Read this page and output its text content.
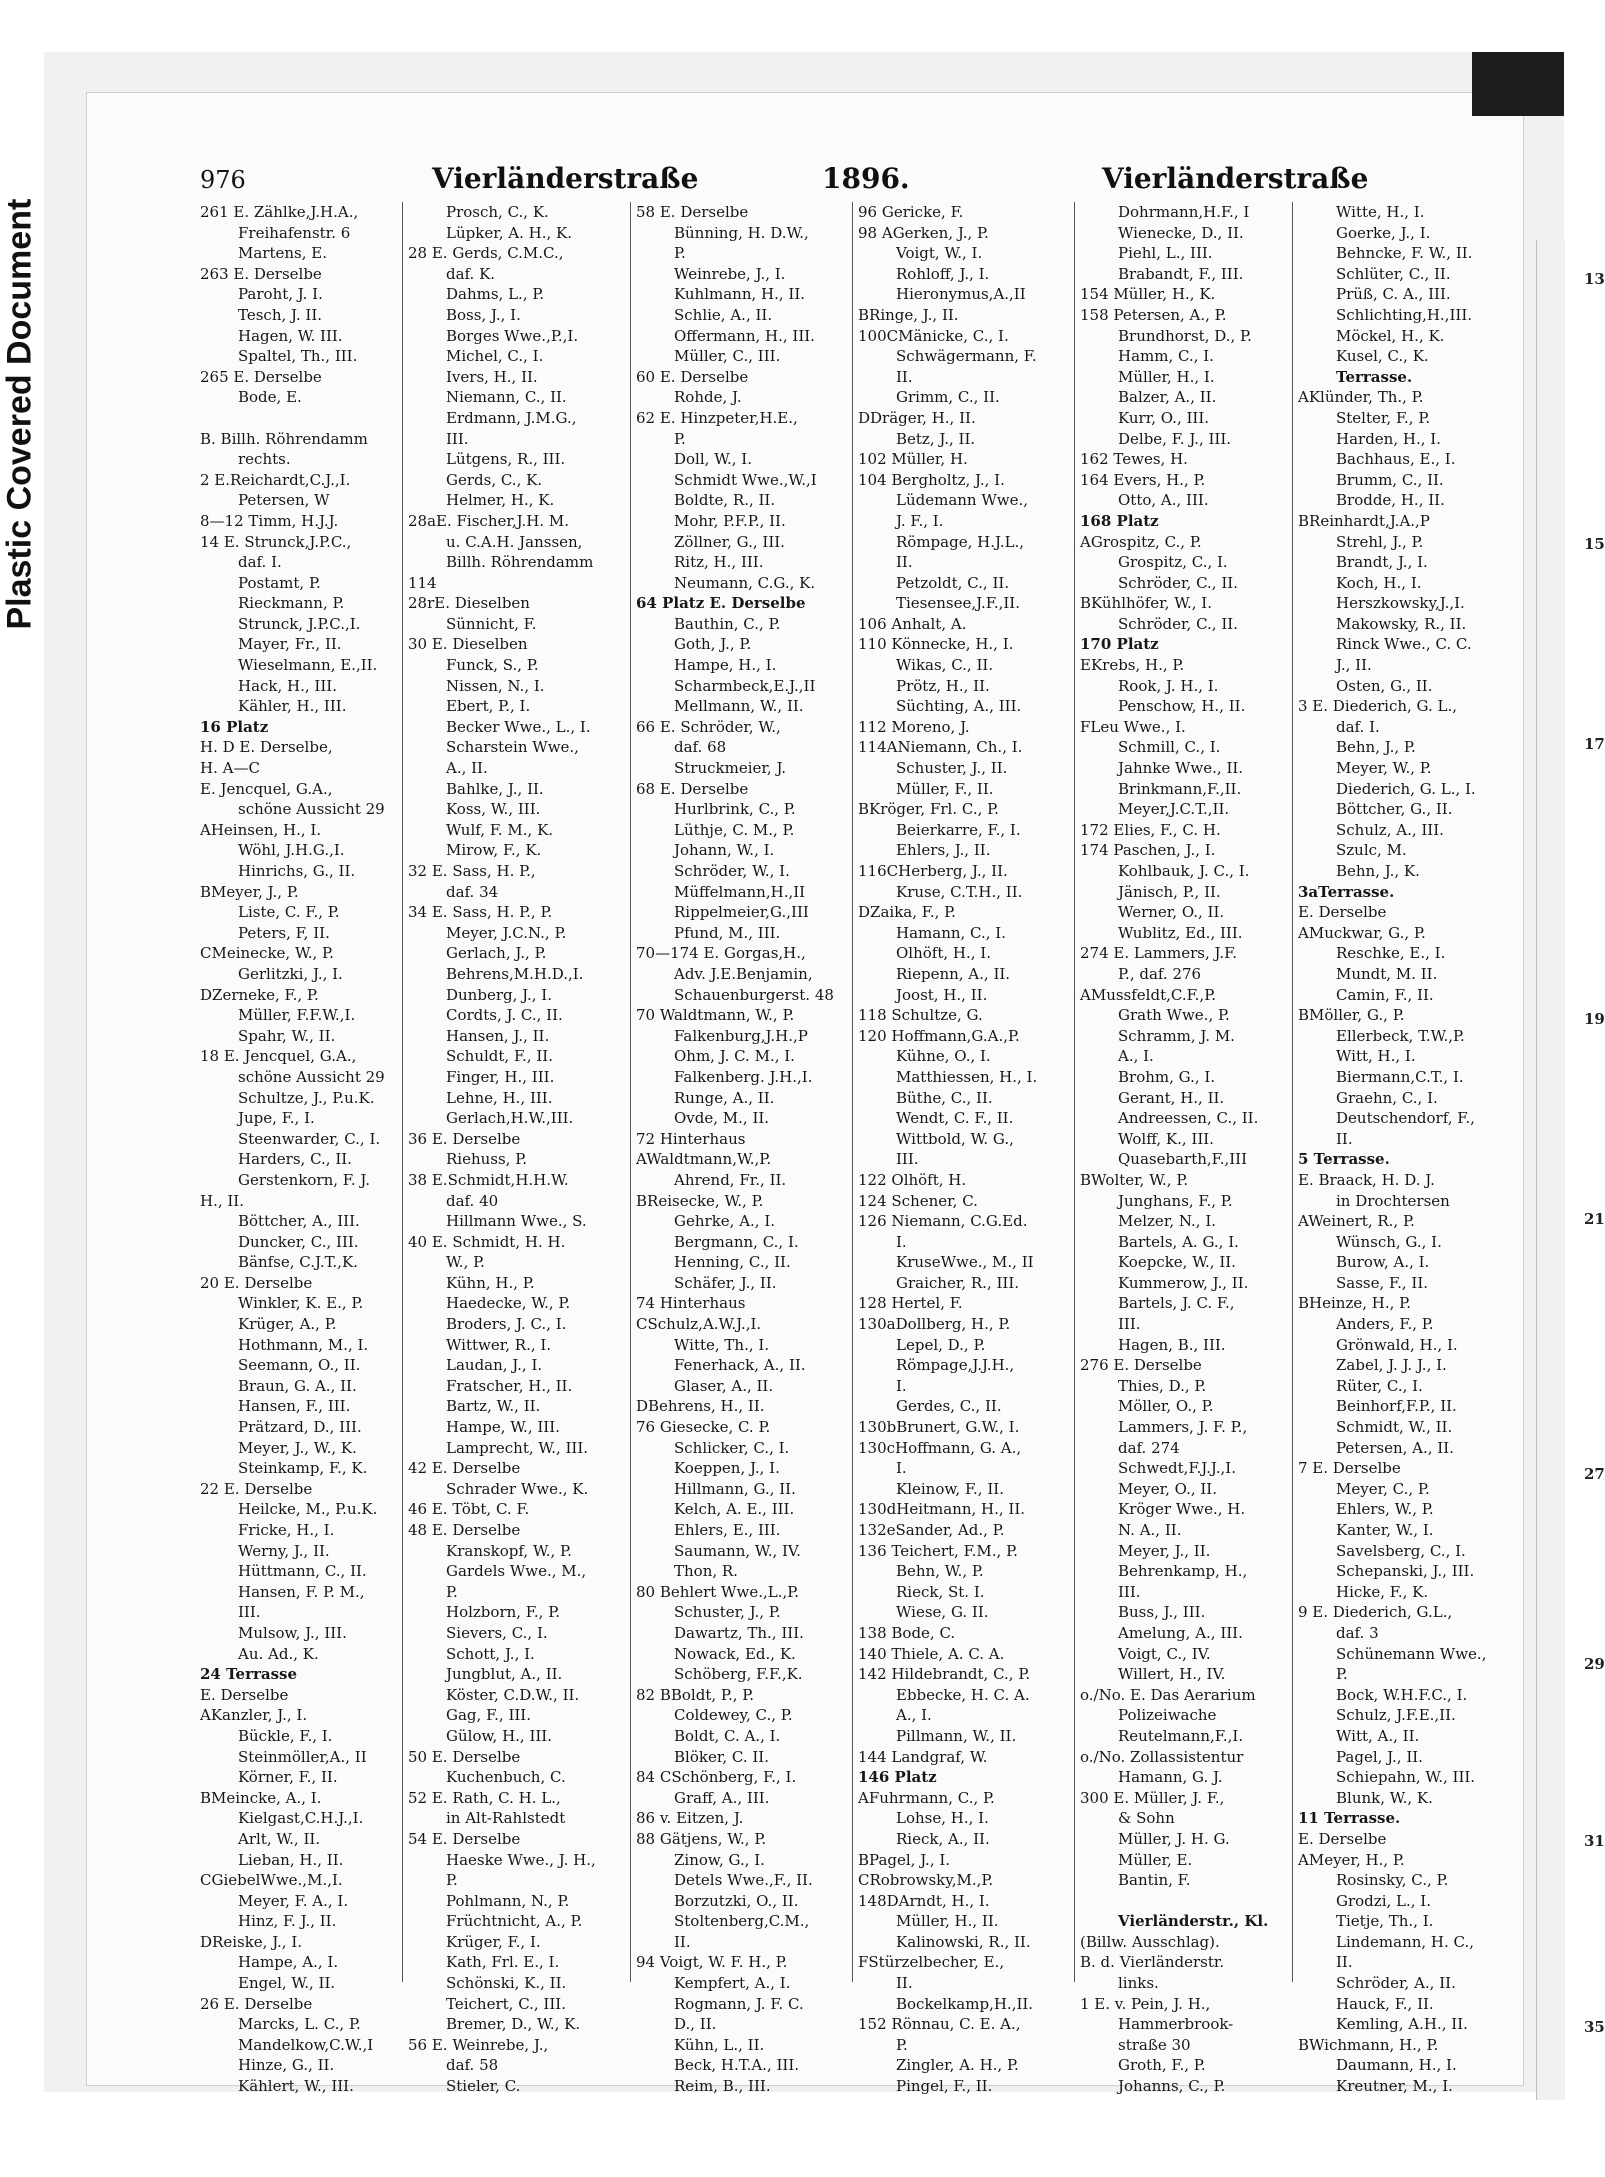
Plastic Covered Document	13
15
17
19
21
27
29
31
35
976	Vierländerstraße	1896.	Vierländerstraße
261 E. Zählke,J.H.A.,
Freihafenstr. 6
Martens, E.
263 E. Derselbe
Paroht, J. I.
Tesch, J. II.
Hagen, W. III.
Spaltel, Th., III.
265 E. Derselbe
Bode, E.
B. Billh. Röhrendamm
rechts.
2 E.Reichardt,C.J.,I.
Petersen, W
8—12 Timm, H.J.J.
14 E. Strunck,J.P.C.,
daf. I.
Postamt, P.
Rieckmann, P.
Strunck, J.P.C.,I.
Mayer, Fr., II.
Wieselmann, E.,II.
Hack, H., III.
Kähler, H., III.
16 Platz
H. D E. Derselbe,
H. A—C
E. Jencquel, G.A.,
schöne Aussicht 29
AHeinsen, H., I.
Wöhl, J.H.G.,I.
Hinrichs, G., II.
BMeyer, J., P.
Liste, C. F., P.
Peters, F, II.
CMeinecke, W., P.
Gerlitzki, J., I.
DZerneke, F., P.
Müller, F.F.W.,I.
Spahr, W., II.
18 E. Jencquel, G.A.,
schöne Aussicht 29
Schultze, J., P.u.K.
Jupe, F., I.
Steenwarder, C., I.
Harders, C., II.
Gerstenkorn, F. J.
H., II.
Böttcher, A., III.
Duncker, C., III.
Bänfse, C.J.T.,K.
20 E. Derselbe
Winkler, K. E., P.
Krüger, A., P.
Hothmann, M., I.
Seemann, O., II.
Braun, G. A., II.
Hansen, F., III.
Prätzard, D., III.
Meyer, J., W., K.
Steinkamp, F., K.
22 E. Derselbe
Heilcke, M., P.u.K.
Fricke, H., I.
Werny, J., II.
Hüttmann, C., II.
Hansen, F. P. M.,
III.
Mulsow, J., III.
Au. Ad., K.
24 Terrasse
E. Derselbe
AKanzler, J., I.
Bückle, F., I.
Steinmöller,A., II
Körner, F., II.
BMeincke, A., I.
Kielgast,C.H.J.,I.
Arlt, W., II.
Lieban, H., II.
CGiebelWwe.,M.,I.
Meyer, F. A., I.
Hinz, F. J., II.
DReiske, J., I.
Hampe, A., I.
Engel, W., II.
26 E. Derselbe
Marcks, L. C., P.
Mandelkow,C.W.,I
Hinze, G., II.
Kählert, W., III.
Prosch, C., K.
Lüpker, A. H., K.
28 E. Gerds, C.M.C.,
daf. K.
Dahms, L., P.
Boss, J., I.
Borges Wwe.,P.,I.
Michel, C., I.
Ivers, H., II.
Niemann, C., II.
Erdmann, J.M.G.,
III.
Lütgens, R., III.
Gerds, C., K.
Helmer, H., K.
28aE. Fischer,J.H. M.
u. C.A.H. Janssen,
Billh. Röhrendamm
114
28rE. Dieselben
Sünnicht, F.
30 E. Dieselben
Funck, S., P.
Nissen, N., I.
Ebert, P., I.
Becker Wwe., L., I.
Scharstein Wwe.,
A., II.
Bahlke, J., II.
Koss, W., III.
Wulf, F. M., K.
Mirow, F., K.
32 E. Sass, H. P.,
daf. 34
34 E. Sass, H. P., P.
Meyer, J.C.N., P.
Gerlach, J., P.
Behrens,M.H.D.,I.
Dunberg, J., I.
Cordts, J. C., II.
Hansen, J., II.
Schuldt, F., II.
Finger, H., III.
Lehne, H., III.
Gerlach,H.W.,III.
36 E. Derselbe
Riehuss, P.
38 E.Schmidt,H.H.W.
daf. 40
Hillmann Wwe., S.
40 E. Schmidt, H. H.
W., P.
Kühn, H., P.
Haedecke, W., P.
Broders, J. C., I.
Wittwer, R., I.
Laudan, J., I.
Fratscher, H., II.
Bartz, W., II.
Hampe, W., III.
Lamprecht, W., III.
42 E. Derselbe
Schrader Wwe., K.
46 E. Töbt, C. F.
48 E. Derselbe
Kranskopf, W., P.
Gardels Wwe., M.,
P.
Holzborn, F., P.
Sievers, C., I.
Schott, J., I.
Jungblut, A., II.
Köster, C.D.W., II.
Gag, F., III.
Gülow, H., III.
50 E. Derselbe
Kuchenbuch, C.
52 E. Rath, C. H. L.,
in Alt-Rahlstedt
54 E. Derselbe
Haeske Wwe., J. H.,
P.
Pohlmann, N., P.
Früchtnicht, A., P.
Krüger, F., I.
Kath, Frl. E., I.
Schönski, K., II.
Teichert, C., III.
Bremer, D., W., K.
56 E. Weinrebe, J.,
daf. 58
Stieler, C.
58 E. Derselbe
Bünning, H. D.W.,
P.
Weinrebe, J., I.
Kuhlmann, H., II.
Schlie, A., II.
Offermann, H., III.
Müller, C., III.
60 E. Derselbe
Rohde, J.
62 E. Hinzpeter,H.E.,
P.
Doll, W., I.
Schmidt Wwe.,W.,I
Boldte, R., II.
Mohr, P.F.P., II.
Zöllner, G., III.
Ritz, H., III.
Neumann, C.G., K.
64 Platz E. Derselbe
Bauthin, C., P.
Goth, J., P.
Hampe, H., I.
Scharmbeck,E.J.,II
Mellmann, W., II.
66 E. Schröder, W.,
daf. 68
Struckmeier, J.
68 E. Derselbe
Hurlbrink, C., P.
Lüthje, C. M., P.
Johann, W., I.
Schröder, W., I.
Müffelmann,H.,II
Rippelmeier,G.,III
Pfund, M., III.
70—174 E. Gorgas,H.,
Adv. J.E.Benjamin,
Schauenburgerst. 48
70 Waldtmann, W., P.
Falkenburg,J.H.,P
Ohm, J. C. M., I.
Falkenberg. J.H.,I.
Runge, A., II.
Ovde, M., II.
72 Hinterhaus
AWaldtmann,W.,P.
Ahrend, Fr., II.
BReisecke, W., P.
Gehrke, A., I.
Bergmann, C., I.
Henning, C., II.
Schäfer, J., II.
74 Hinterhaus
CSchulz,A.W.J.,I.
Witte, Th., I.
Fenerhack, A., II.
Glaser, A., II.
DBehrens, H., II.
76 Giesecke, C. P.
Schlicker, C., I.
Koeppen, J., I.
Hillmann, G., II.
Kelch, A. E., III.
Ehlers, E., III.
Saumann, W., IV.
Thon, R.
80 Behlert Wwe.,L.,P.
Schuster, J., P.
Dawartz, Th., III.
Nowack, Ed., K.
Schöberg, F.F.,K.
82 BBoldt, P., P.
Coldewey, C., P.
Boldt, C. A., I.
Blöker, C. II.
84 CSchönberg, F., I.
Graff, A., III.
86 v. Eitzen, J.
88 Gätjens, W., P.
Zinow, G., I.
Detels Wwe.,F., II.
Borzutzki, O., II.
Stoltenberg,C.M.,
II.
94 Voigt, W. F. H., P.
Kempfert, A., I.
Rogmann, J. F. C.
D., II.
Kühn, L., II.
Beck, H.T.A., III.
Reim, B., III.
96 Gericke, F.
98 AGerken, J., P.
Voigt, W., I.
Rohloff, J., I.
Hieronymus,A.,II
BRinge, J., II.
100CMänicke, C., I.
Schwägermann, F.
II.
Grimm, C., II.
DDräger, H., II.
Betz, J., II.
102 Müller, H.
104 Bergholtz, J., I.
Lüdemann Wwe.,
J. F., I.
Römpage, H.J.L.,
II.
Petzoldt, C., II.
Tiesensee,J.F.,II.
106 Anhalt, A.
110 Könnecke, H., I.
Wikas, C., II.
Prötz, H., II.
Süchting, A., III.
112 Moreno, J.
114ANiemann, Ch., I.
Schuster, J., II.
Müller, F., II.
BKröger, Frl. C., P.
Beierkarre, F., I.
Ehlers, J., II.
116CHerberg, J., II.
Kruse, C.T.H., II.
DZaika, F., P.
Hamann, C., I.
Olhöft, H., I.
Riepenn, A., II.
Joost, H., II.
118 Schultze, G.
120 Hoffmann,G.A.,P.
Kühne, O., I.
Matthiessen, H., I.
Büthe, C., II.
Wendt, C. F., II.
Wittbold, W. G.,
III.
122 Olhöft, H.
124 Schener, C.
126 Niemann, C.G.Ed.
I.
KruseWwe., M., II
Graicher, R., III.
128 Hertel, F.
130aDollberg, H., P.
Lepel, D., P.
Römpage,J.J.H.,
I.
Gerdes, C., II.
130bBrunert, G.W., I.
130cHoffmann, G. A.,
I.
Kleinow, F., II.
130dHeitmann, H., II.
132eSander, Ad., P.
136 Teichert, F.M., P.
Behn, W., P.
Rieck, St. I.
Wiese, G. II.
138 Bode, C.
140 Thiele, A. C. A.
142 Hildebrandt, C., P.
Ebbecke, H. C. A.
A., I.
Pillmann, W., II.
144 Landgraf, W.
146 Platz
AFuhrmann, C., P.
Lohse, H., I.
Rieck, A., II.
BPagel, J., I.
CRobrowsky,M.,P.
148DArndt, H., I.
Müller, H., II.
Kalinowski, R., II.
FStürzelbecher, E.,
II.
Bockelkamp,H.,II.
152 Rönnau, C. E. A.,
P.
Zingler, A. H., P.
Pingel, F., II.
Dohrmann,H.F., I
Wienecke, D., II.
Piehl, L., III.
Brabandt, F., III.
154 Müller, H., K.
158 Petersen, A., P.
Brundhorst, D., P.
Hamm, C., I.
Müller, H., I.
Balzer, A., II.
Kurr, O., III.
Delbe, F. J., III.
162 Tewes, H.
164 Evers, H., P.
Otto, A., III.
168 Platz
AGrospitz, C., P.
Grospitz, C., I.
Schröder, C., II.
BKühlhöfer, W., I.
Schröder, C., II.
170 Platz
EKrebs, H., P.
Rook, J. H., I.
Penschow, H., II.
FLeu Wwe., I.
Schmill, C., I.
Jahnke Wwe., II.
Brinkmann,F.,II.
Meyer,J.C.T.,II.
172 Elies, F., C. H.
174 Paschen, J., I.
Kohlbauk, J. C., I.
Jänisch, P., II.
Werner, O., II.
Wublitz, Ed., III.
274 E. Lammers, J.F.
P., daf. 276
AMussfeldt,C.F.,P.
Grath Wwe., P.
Schramm, J. M.
A., I.
Brohm, G., I.
Gerant, H., II.
Andreessen, C., II.
Wolff, K., III.
Quasebarth,F.,III
BWolter, W., P.
Junghans, F., P.
Melzer, N., I.
Bartels, A. G., I.
Koepcke, W., II.
Kummerow, J., II.
Bartels, J. C. F.,
III.
Hagen, B., III.
276 E. Derselbe
Thies, D., P.
Möller, O., P.
Lammers, J. F. P.,
daf. 274
Schwedt,F.J.J.,I.
Meyer, O., II.
Kröger Wwe., H.
N. A., II.
Meyer, J., II.
Behrenkamp, H.,
III.
Buss, J., III.
Amelung, A., III.
Voigt, C., IV.
Willert, H., IV.
o./No. E. Das Aerarium
Polizeiwache
Reutelmann,F.,I.
o./No. Zollassistentur
Hamann, G. J.
300 E. Müller, J. F.,
& Sohn
Müller, J. H. G.
Müller, E.
Bantin, F.
Vierländerstr., Kl.
(Billw. Ausschlag).
B. d. Vierländerstr.
links.
1 E. v. Pein, J. H.,
Hammerbrook-
straße 30
Groth, F., P.
Johanns, C., P.
Witte, H., I.
Goerke, J., I.
Behncke, F. W., II.
Schlüter, C., II.
Prüß, C. A., III.
Schlichting,H.,III.
Möckel, H., K.
Kusel, C., K.
Terrasse.
AKlünder, Th., P.
Stelter, F., P.
Harden, H., I.
Bachhaus, E., I.
Brumm, C., II.
Brodde, H., II.
BReinhardt,J.A.,P
Strehl, J., P.
Brandt, J., I.
Koch, H., I.
Herszkowsky,J.,I.
Makowsky, R., II.
Rinck Wwe., C. C.
J., II.
Osten, G., II.
3 E. Diederich, G. L.,
daf. I.
Behn, J., P.
Meyer, W., P.
Diederich, G. L., I.
Böttcher, G., II.
Schulz, A., III.
Szulc, M.
Behn, J., K.
3aTerrasse.
E. Derselbe
AMuckwar, G., P.
Reschke, E., I.
Mundt, M. II.
Camin, F., II.
BMöller, G., P.
Ellerbeck, T.W.,P.
Witt, H., I.
Biermann,C.T., I.
Graehn, C., I.
Deutschendorf, F.,
II.
5 Terrasse.
E. Braack, H. D. J.
in Drochtersen
AWeinert, R., P.
Wünsch, G., I.
Burow, A., I.
Sasse, F., II.
BHeinze, H., P.
Anders, F., P.
Grönwald, H., I.
Zabel, J. J. J., I.
Rüter, C., I.
Beinhorf,F.P., II.
Schmidt, W., II.
Petersen, A., II.
7 E. Derselbe
Meyer, C., P.
Ehlers, W., P.
Kanter, W., I.
Savelsberg, C., I.
Schepanski, J., III.
Hicke, F., K.
9 E. Diederich, G.L.,
daf. 3
Schünemann Wwe.,
P.
Bock, W.H.F.C., I.
Schulz, J.F.E.,II.
Witt, A., II.
Pagel, J., II.
Schiepahn, W., III.
Blunk, W., K.
11 Terrasse.
E. Derselbe
AMeyer, H., P.
Rosinsky, C., P.
Grodzi, L., I.
Tietje, Th., I.
Lindemann, H. C.,
II.
Schröder, A., II.
Hauck, F., II.
Kemling, A.H., II.
BWichmann, H., P.
Daumann, H., I.
Kreutner, M., I.
